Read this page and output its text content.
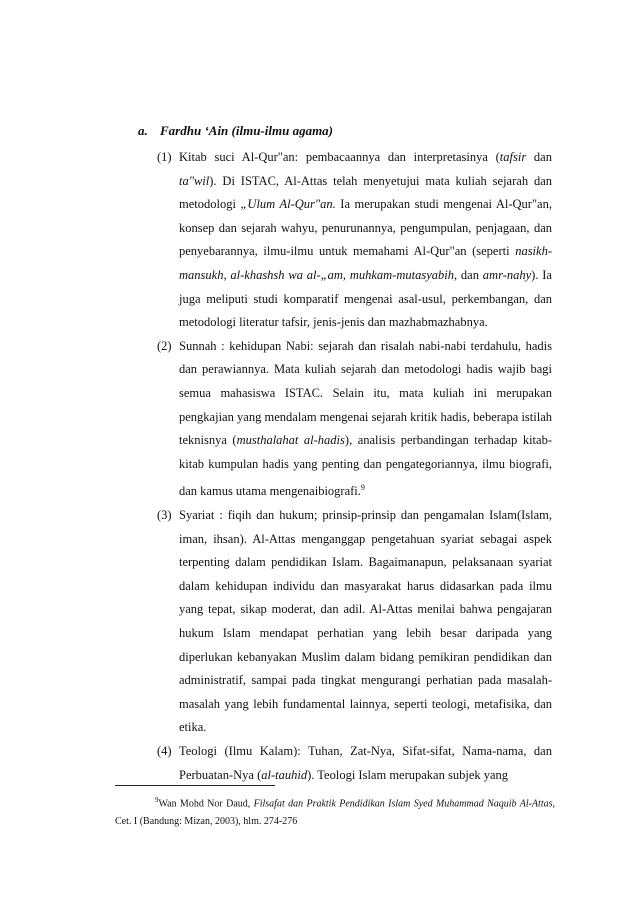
a. Fardhu ‘Ain (ilmu-ilmu agama)
(1) Kitab suci Al-Qur"an: pembacaannya dan interpretasinya (tafsir dan ta"wil). Di ISTAC, Al-Attas telah menyetujui mata kuliah sejarah dan metodologi „Ulum Al-Qur"an. Ia merupakan studi mengenai Al-Qur"an, konsep dan sejarah wahyu, penurunannya, pengumpulan, penjagaan, dan penyebarannya, ilmu-ilmu untuk memahami Al-Qur"an (seperti nasikh-mansukh, al-khashsh wa al-„am, muhkam-mutasyabih, dan amr-nahy). Ia juga meliputi studi komparatif mengenai asal-usul, perkembangan, dan metodologi literatur tafsir, jenis-jenis dan mazhabmazhabnya.
(2) Sunnah : kehidupan Nabi: sejarah dan risalah nabi-nabi terdahulu, hadis dan perawiannya. Mata kuliah sejarah dan metodologi hadis wajib bagi semua mahasiswa ISTAC. Selain itu, mata kuliah ini merupakan pengkajian yang mendalam mengenai sejarah kritik hadis, beberapa istilah teknisnya (musthalahat al-hadis), analisis perbandingan terhadap kitab-kitab kumpulan hadis yang penting dan pengategoriannya, ilmu biografi, dan kamus utama mengenaibiografi.$^9$
(3) Syariat : fiqih dan hukum; prinsip-prinsip dan pengamalan Islam(Islam, iman, ihsan). Al-Attas menganggap pengetahuan syariat sebagai aspek terpenting dalam pendidikan Islam. Bagaimanapun, pelaksanaan syariat dalam kehidupan individu dan masyarakat harus didasarkan pada ilmu yang tepat, sikap moderat, dan adil. Al-Attas menilai bahwa pengajaran hukum Islam mendapat perhatian yang lebih besar daripada yang diperlukan kebanyakan Muslim dalam bidang pemikiran pendidikan dan administratif, sampai pada tingkat mengurangi perhatian pada masalah-masalah yang lebih fundamental lainnya, seperti teologi, metafisika, dan etika.
(4) Teologi (Ilmu Kalam): Tuhan, Zat-Nya, Sifat-sifat, Nama-nama, dan Perbuatan-Nya (al-tauhid). Teologi Islam merupakan subjek yang
$^9$Wan Mohd Nor Daud, Filsafat dan Praktik Pendidikan Islam Syed Muhammad Naquib Al-Attas, Cet. I (Bandung: Mizan, 2003), hlm. 274-276
